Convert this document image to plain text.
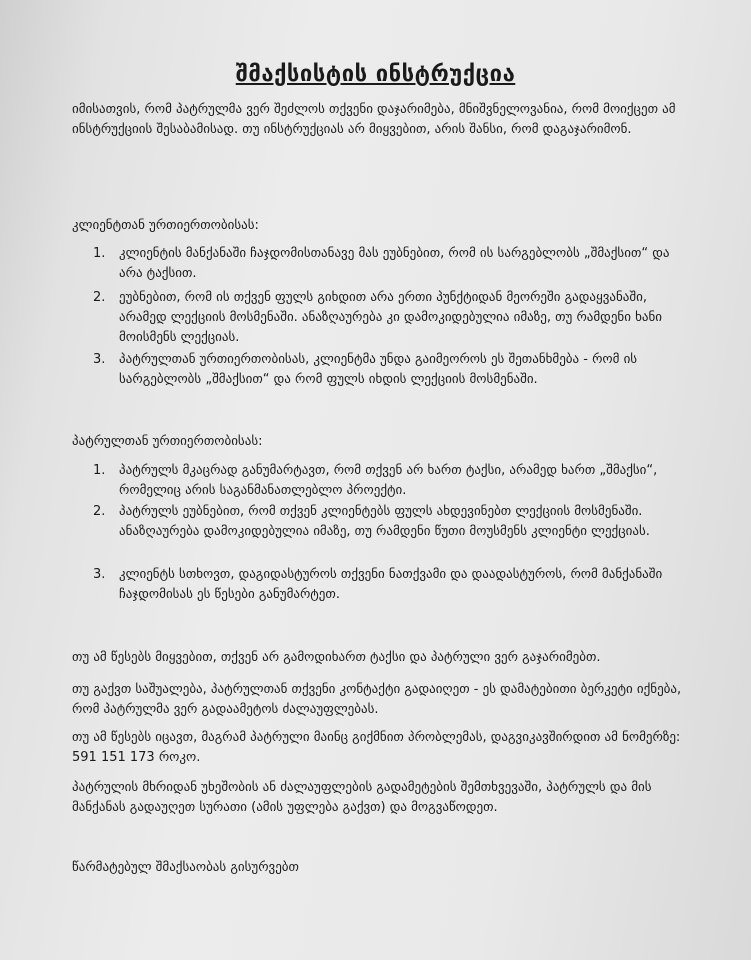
შმაქსისტის ინსტრუქცია
იმისათვის, რომ პატრულმა ვერ შეძლოს თქვენი დაჯარიმება, მნიშვნელოვანია, რომ მოიქცეთ ამ ინსტრუქციის შესაბამისად. თუ ინსტრუქციას არ მიყვებით, არის შანსი, რომ დაგაჯარიმონ.
კლიენტთან ურთიერთობისას:
1.	კლიენტის მანქანაში ჩაჯდომისთანავე მას ეუბნებით, რომ ის სარგებლობს „შმაქსით“ და არა ტაქსით.
2.	ეუბნებით, რომ ის თქვენ ფულს გიხდით არა ერთი პუნქტიდან მეორეში გადაყვანაში, არამედ ლექციის მოსმენაში. ანაზღაურება კი დამოკიდებულია იმაზე, თუ რამდენი ხანი მოისმენს ლექციას.
3.	პატრულთან ურთიერთობისას, კლიენტმა უნდა გაიმეოროს ეს შეთანხმება - რომ ის სარგებლობს „შმაქსით“ და რომ ფულს იხდის ლექციის მოსმენაში.
პატრულთან ურთიერთობისას:
1.	პატრულს მკაცრად განუმარტავთ, რომ თქვენ არ ხართ ტაქსი, არამედ ხართ „შმაქსი“, რომელიც არის საგანმანათლებლო პროექტი.
2.	პატრულს ეუბნებით, რომ თქვენ კლიენტებს ფულს ახდევინებთ ლექციის მოსმენაში. ანაზღაურება დამოკიდებულია იმაზე, თუ რამდენი წუთი მოუსმენს კლიენტი ლექციას.
3.	კლიენტს სთხოვთ, დაგიდასტუროს თქვენი ნათქვამი და დაადასტუროს, რომ მანქანაში ჩაჯდომისას ეს წესები განუმარტეთ.
თუ ამ წესებს მიყვებით, თქვენ არ გამოდიხართ ტაქსი და პატრული ვერ გაჯარიმებთ.
თუ გაქვთ საშუალება, პატრულთან თქვენი კონტაქტი გადაიღეთ - ეს დამატებითი ბერკეტი იქნება, რომ პატრულმა ვერ გადაამეტოს ძალაუფლებას.
თუ ამ წესებს იცავთ, მაგრამ პატრული მაინც გიქმნით პრობლემას, დაგვიკავშირდით ამ ნომერზე: 591 151 173 როკო.
პატრულის მხრიდან უხეშობის ან ძალაუფლების გადამეტების შემთხვევაში, პატრულს და მის მანქანას გადაუღეთ სურათი (ამის უფლება გაქვთ) და მოგვაწოდეთ.
წარმატებულ შმაქსაობას გისურვებთ
